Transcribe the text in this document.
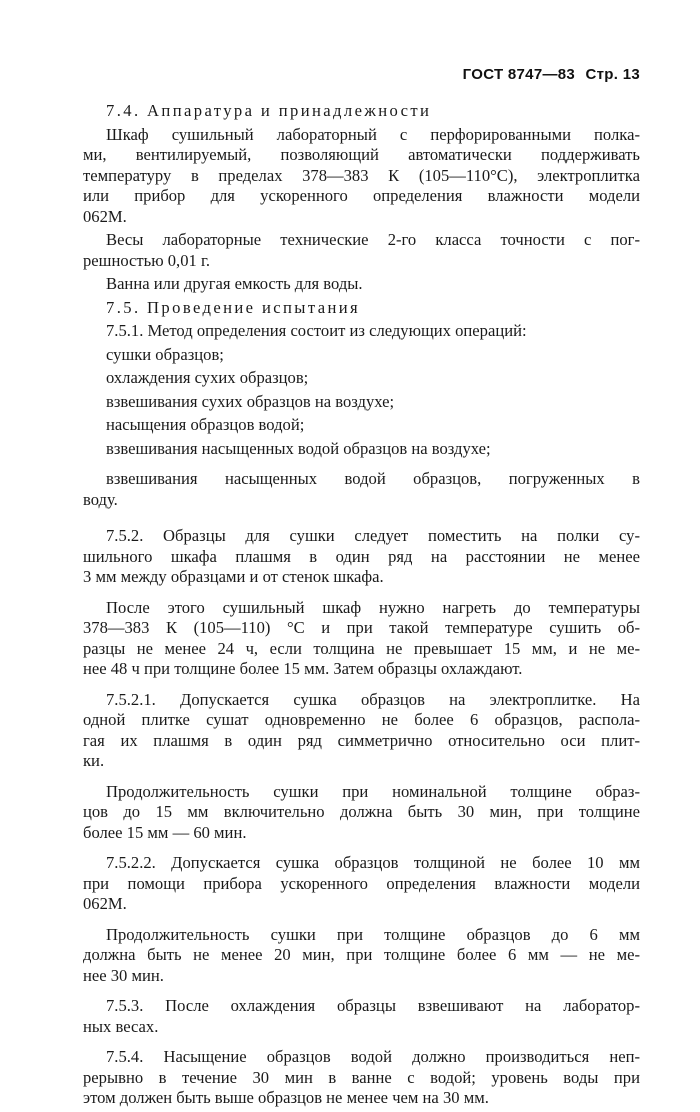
ГОСТ 8747—83 Стр. 13

7.4. Аппаратура и принадлежности

Шкаф сушильный лабораторный с перфорированными полка-
ми, вентилируемый, позволяющий автоматически поддерживать
температуру в пределах 378—383 К (105—110°С), электроплитка
или прибор для ускоренного определения влажности модели
062М.
Весы лабораторные технические 2-го класса точности с пог-
решностью 0,01 г.

Ванна или другая емкость для воды.

7.5. Проведение испытания

7.5.1. Метод определения состоит из следующих операций:

сушки образцов;

охлаждения сухих образцов;

взвешивания сухих образцов на воздухе;

насыщения образцов водой;

взвешивания насыщенных водой образцов на воздухе;

взвешивания насыщенных водой образцов, погруженных в
воду.
7.5.2. Образцы для сушки следует поместить на полки су-
шильного шкафа плашмя в один ряд на расстоянии не менее
3 мм между образцами и от стенок шкафа.
После этого сушильный шкаф нужно нагреть до температуры
378—383 К (105—110) °С и при такой температуре сушить об-
разцы не менее 24 ч, если толщина не превышает 15 мм, и не ме-
нее 48 ч при толщине более 15 мм. Затем образцы охлаждают.
7.5.2.1. Допускается сушка образцов на электроплитке. На
одной плитке сушат одновременно не более 6 образцов, распола-
гая их плашмя в один ряд симметрично относительно оси плит-
ки.
Продолжительность сушки при номинальной толщине образ-
цов до 15 мм включительно должна быть 30 мин, при толщине
более 15 мм — 60 мин.
7.5.2.2. Допускается сушка образцов толщиной не более 10 мм
при помощи прибора ускоренного определения влажности модели
062М.
Продолжительность сушки при толщине образцов до 6 мм
должна быть не менее 20 мин, при толщине более 6 мм — не ме-
нее 30 мин.
7.5.3. После охлаждения образцы взвешивают на лаборатор-
ных весах.
7.5.4. Насыщение образцов водой должно производиться неп-
рерывно в течение 30 мин в ванне с водой; уровень воды при
этом должен быть выше образцов не менее чем на 30 мм.
